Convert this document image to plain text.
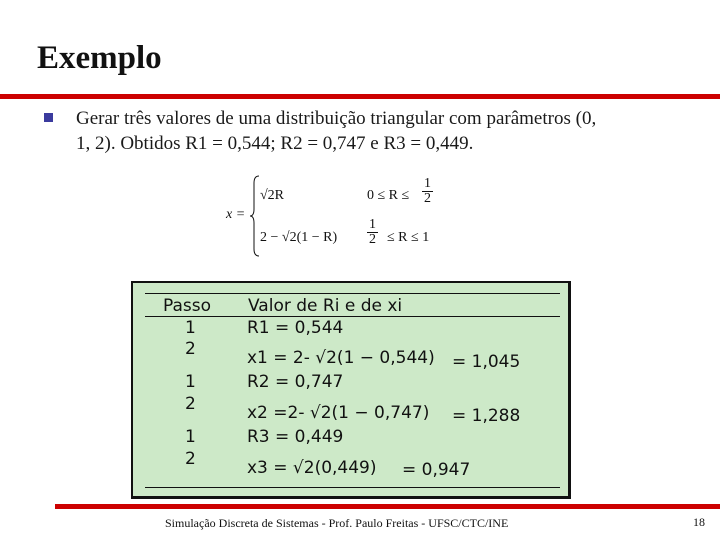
Exemplo
Gerar três valores de uma distribuição triangular com parâmetros (0,
1, 2). Obtidos R1 = 0,544; R2 = 0,747 e R3 = 0,449.
x =
√2R	$0 \le R \le \frac{1}{2}$
$2 - √2(1 - R) \frac{1}{2} \le R \le 1$
Passo Valor de Ri e de xi
1	R1 = 0,544
2	x1 = 2- √2(1 − 0,544) = 1,045
1	R2 = 0,747
2	x2 =2- √2(1 − 0,747) = 1,288
1	R3 = 0,449
2	x3 = √2(0,449) = 0,947
Simulação Discreta de Sistemas - Prof. Paulo Freitas - UFSC/CTC/INE	18
